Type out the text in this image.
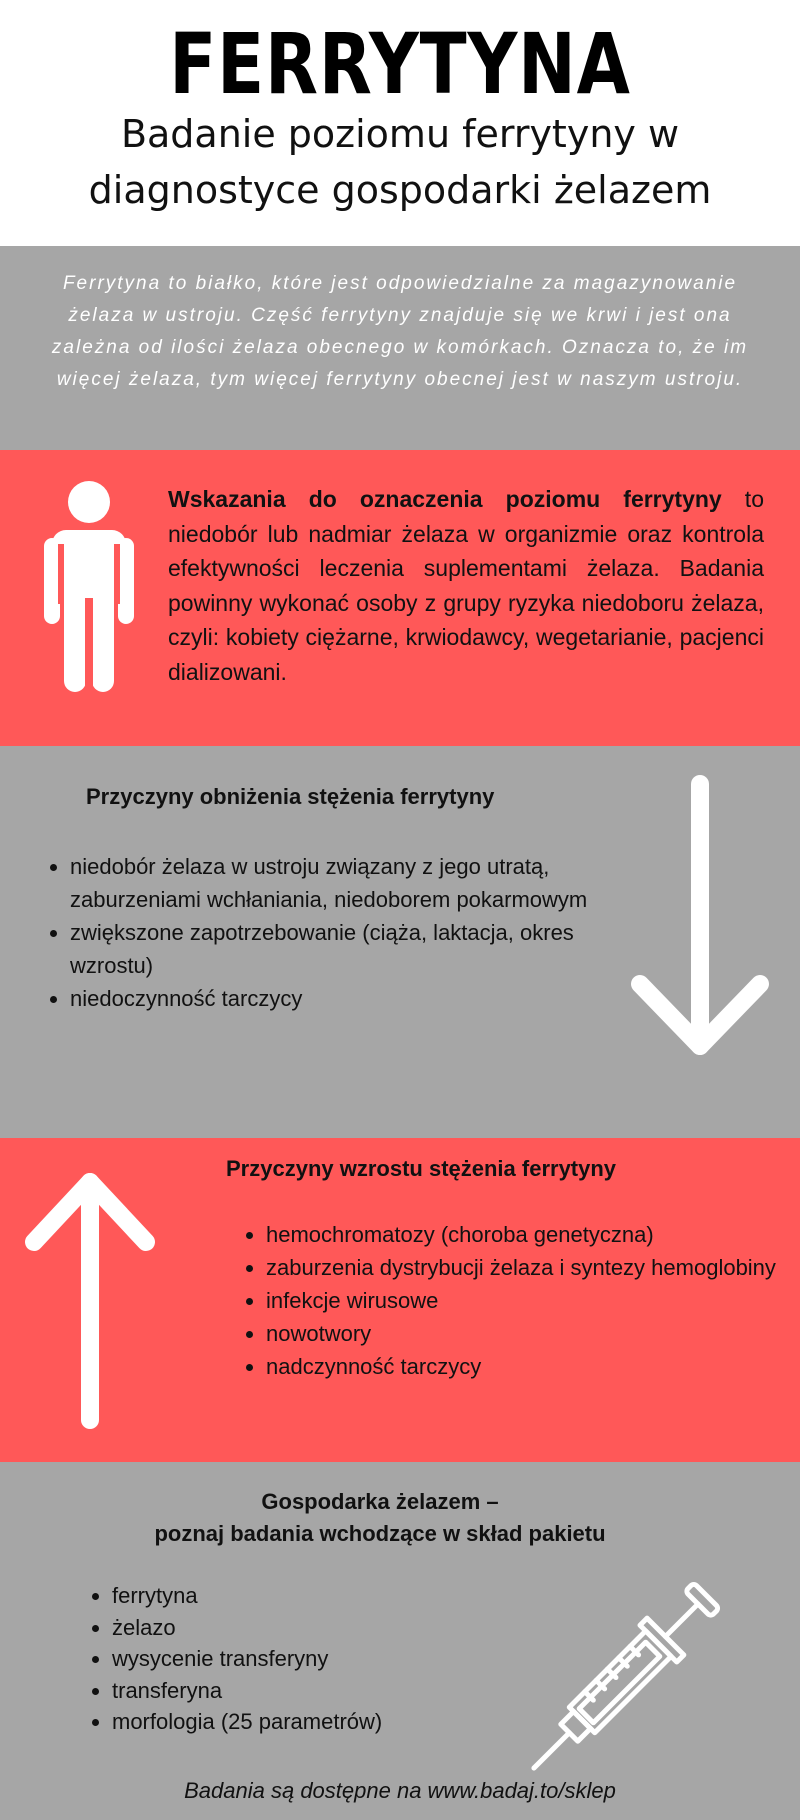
FERRYTYNA
Badanie poziomu ferrytyny w diagnostyce gospodarki żelazem
Ferrytyna to białko, które jest odpowiedzialne za magazynowanie żelaza w ustroju. Część ferrytyny znajduje się we krwi i jest ona zależna od ilości żelaza obecnego w komórkach. Oznacza to, że im więcej żelaza, tym więcej ferrytyny obecnej jest w naszym ustroju.
Wskazania do oznaczenia poziomu ferrytyny to niedobór lub nadmiar żelaza w organizmie oraz kontrola efektywności leczenia suplementami żelaza. Badania powinny wykonać osoby z grupy ryzyka niedoboru żelaza, czyli: kobiety ciężarne, krwiodawcy, wegetarianie, pacjenci dializowani.
Przyczyny obniżenia stężenia ferrytyny
• niedobór żelaza w ustroju związany z jego utratą, zaburzeniami wchłaniania, niedoborem pokarmowym
• zwiększone zapotrzebowanie (ciąża, laktacja, okres wzrostu)
• niedoczynność tarczycy
Przyczyny wzrostu stężenia ferrytyny
• hemochromatozy (choroba genetyczna)
• zaburzenia dystrybucji żelaza i syntezy hemoglobiny
• infekcje wirusowe
• nowotwory
• nadczynność tarczycy
Gospodarka żelazem –
poznaj badania wchodzące w skład pakietu
• ferrytyna
• żelazo
• wysycenie transferyny
• transferyna
• morfologia (25 parametrów)
Badania są dostępne na www.badaj.to/sklep
